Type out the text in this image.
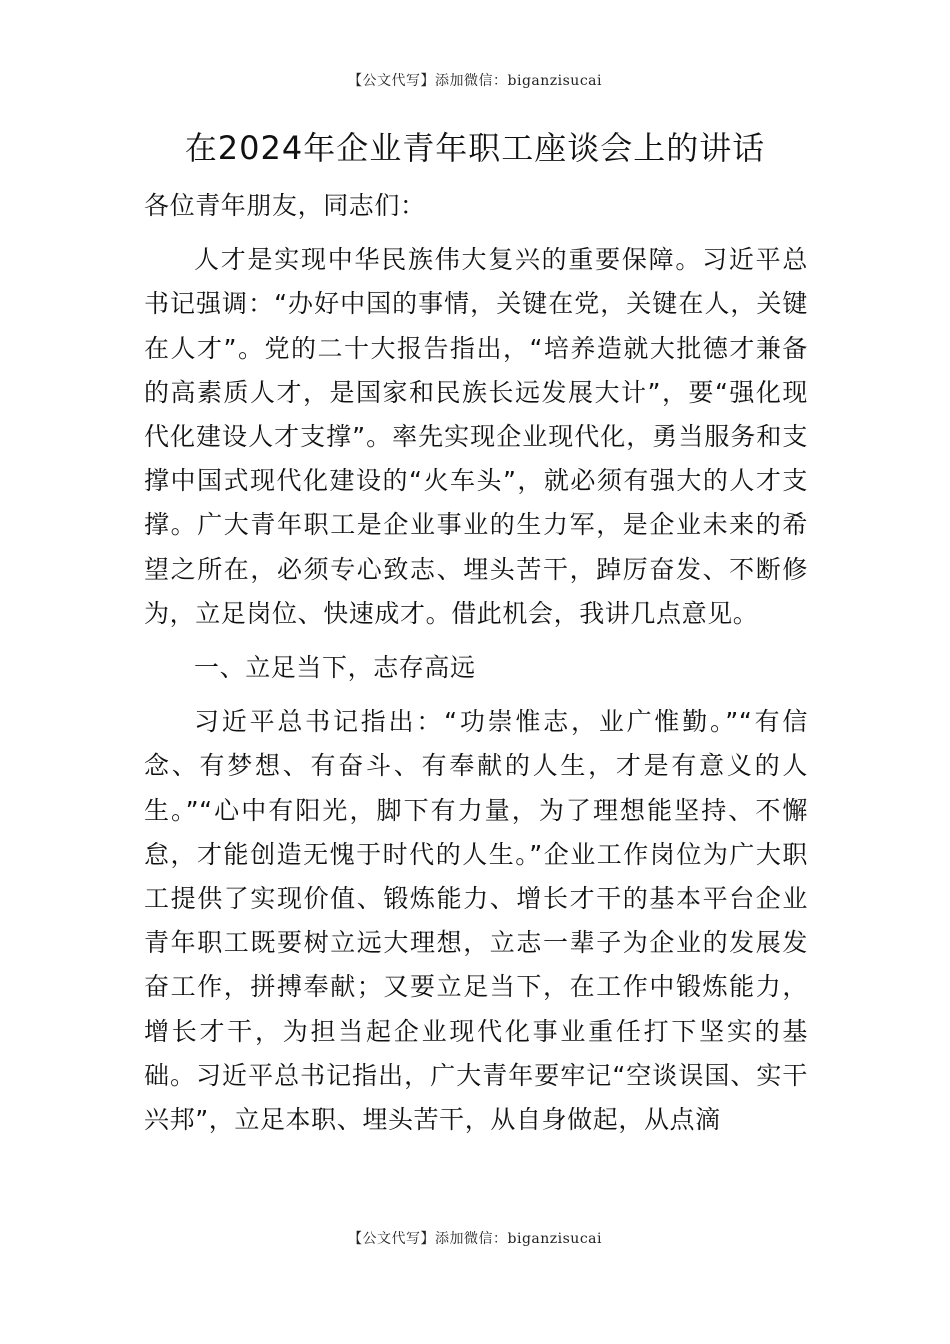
【公文代写】添加微信：biganzisucai
在2024年企业青年职工座谈会上的讲话

各位青年朋友，同志们：

人才是实现中华民族伟大复兴的重要保障。习近平总书记强调：“办好中国的事情，关键在党，关键在人，关键在人才”。党的二十大报告指出，“培养造就大批德才兼备的高素质人才，是国家和民族长远发展大计”，要“强化现代化建设人才支撑”。率先实现企业现代化，勇当服务和支撑中国式现代化建设的“火车头”，就必须有强大的人才支撑。广大青年职工是企业事业的生力军，是企业未来的希望之所在，必须专心致志、埋头苦干，踔厉奋发、不断修为，立足岗位、快速成才。借此机会，我讲几点意见。

一、立足当下，志存高远

习近平总书记指出：“功崇惟志，业广惟勤。”“有信念、有梦想、有奋斗、有奉献的人生，才是有意义的人生。”“心中有阳光，脚下有力量，为了理想能坚持、不懈怠，才能创造无愧于时代的人生。”企业工作岗位为广大职工提供了实现价值、锻炼能力、增长才干的基本平台企业青年职工既要树立远大理想，立志一辈子为企业的发展发奋工作，拼搏奉献；又要立足当下，在工作中锻炼能力，增长才干，为担当起企业现代化事业重任打下坚实的基础。习近平总书记指出，广大青年要牢记“空谈误国、实干兴邦”，立足本职、埋头苦干，从自身做起，从点滴

【公文代写】添加微信：biganzisucai
